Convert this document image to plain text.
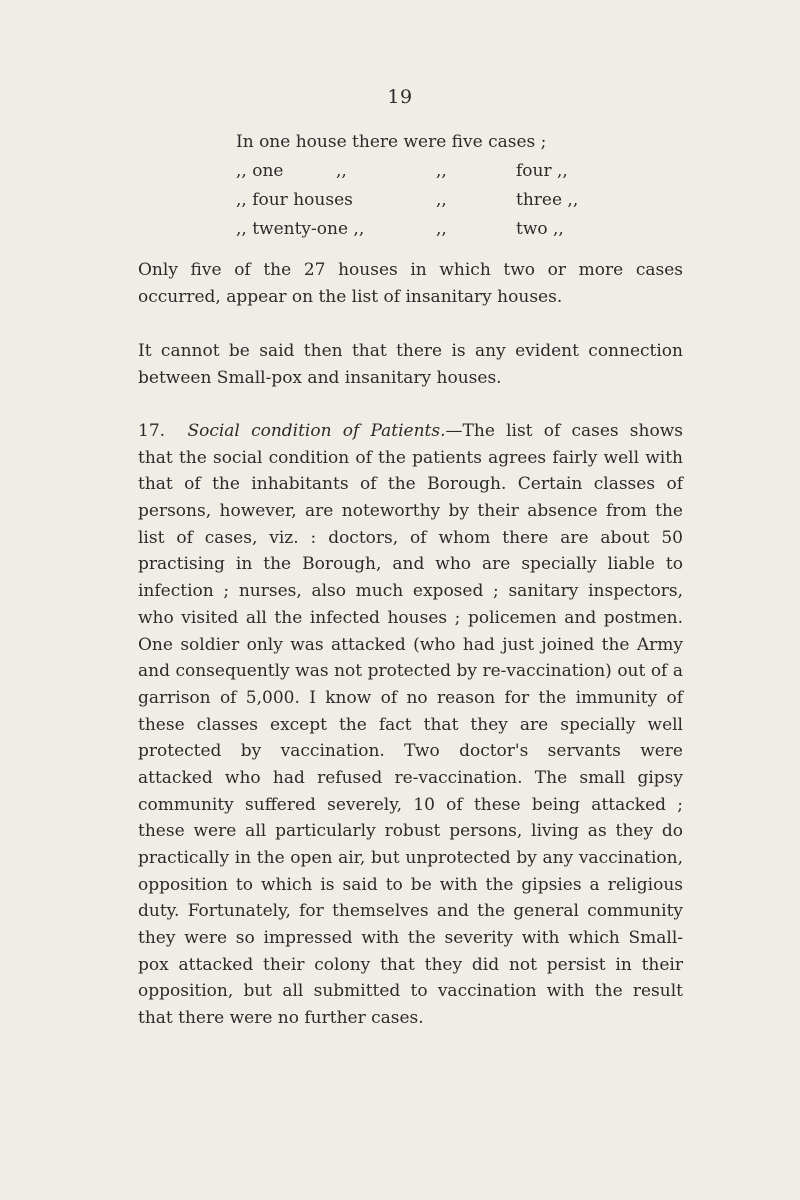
19
In one house there were five cases ;
,, one	,,	,,	four ,,
,, four houses	,,	three ,,
,, twenty-one ,,	,,	two ,,
Only five of the 27 houses in which two or more cases
occurred, appear on the list of insanitary houses.
It cannot be said then that there is any evident connection
between Small-pox and insanitary houses.
17. Social condition of Patients.—The list of cases shows
that the social condition of the patients agrees fairly well with
that of the inhabitants of the Borough. Certain classes of
persons, however, are noteworthy by their absence from the
list of cases, viz. : doctors, of whom there are about 50
practising in the Borough, and who are specially liable to
infection ; nurses, also much exposed ; sanitary inspectors,
who visited all the infected houses ; policemen and postmen.
One soldier only was attacked (who had just joined the Army
and consequently was not protected by re-vaccination) out of a
garrison of 5,000. I know of no reason for the immunity of
these classes except the fact that they are specially well
protected by vaccination. Two doctor's servants were
attacked who had refused re-vaccination. The small gipsy
community suffered severely, 10 of these being attacked ;
these were all particularly robust persons, living as they do
practically in the open air, but unprotected by any vaccination,
opposition to which is said to be with the gipsies a religious
duty. Fortunately, for themselves and the general community
they were so impressed with the severity with which Small-
pox attacked their colony that they did not persist in their
opposition, but all submitted to vaccination with the result
that there were no further cases.
